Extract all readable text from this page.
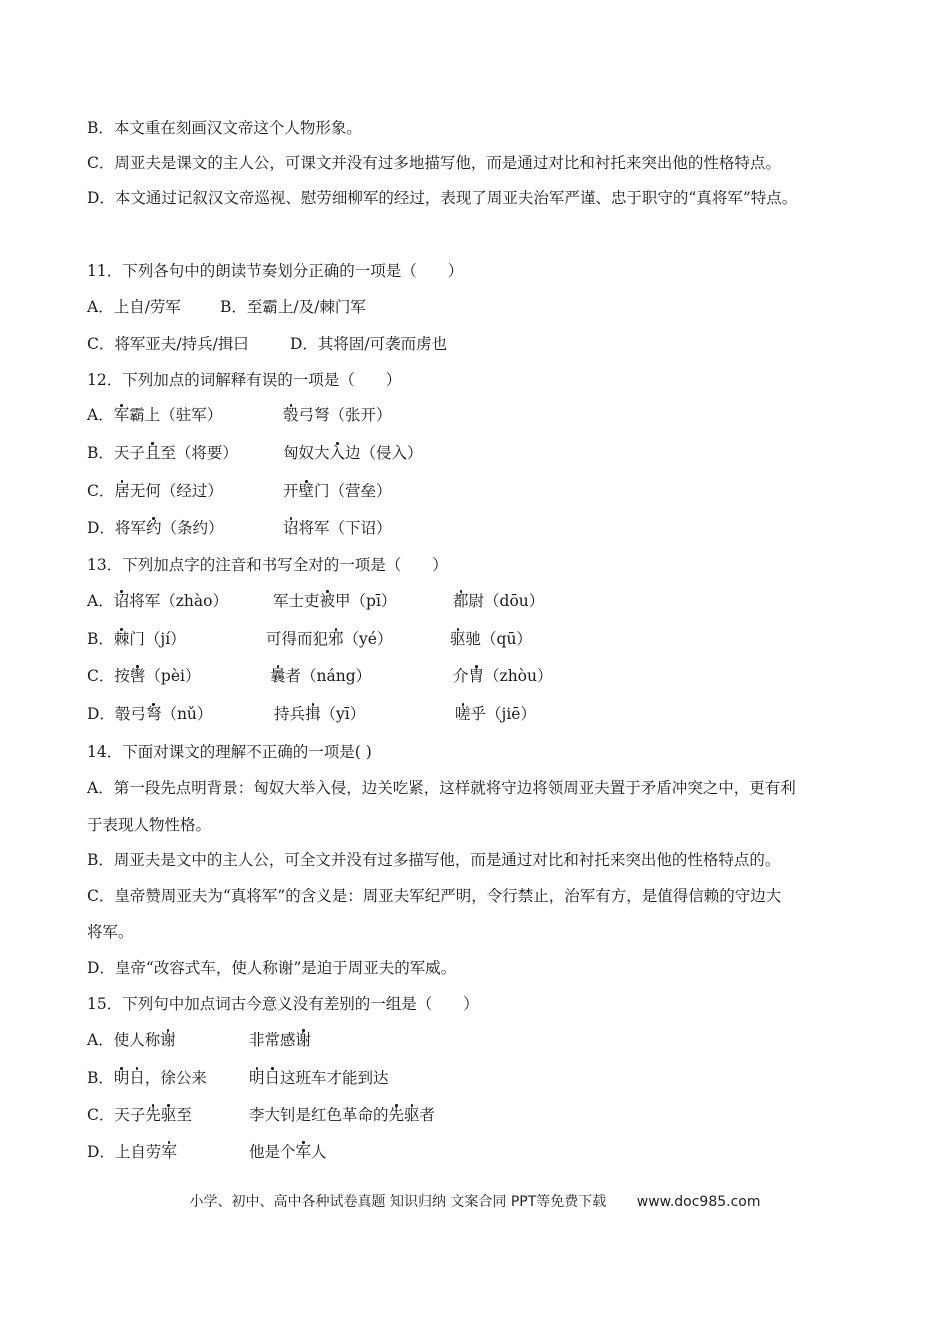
B．本文重在刻画汉文帝这个人物形象。
C．周亚夫是课文的主人公，可课文并没有过多地描写他，而是通过对比和衬托来突出他的性格特点。
D．本文通过记叙汉文帝巡视、慰劳细柳军的经过，表现了周亚夫治军严谨、忠于职守的“真将军”特点。
11．下列各句中的朗读节奏划分正确的一项是（　　）
A．上自/劳军	B．至霸上/及/棘门军
C．将军亚夫/持兵/揖曰	D．其将固/可袭而虏也
12．下列加点的词解释有误的一项是（　　）
A．军霸上（驻军）	彀弓弩（张开）
B．天子且至（将要）	匈奴大入边（侵入）
C．居无何（经过）	开壁门（营垒）
D．将军约（条约）	诏将军（下诏）
13．下列加点字的注音和书写全对的一项是（　　）
A．诏将军（zhào）	军士吏被甲（pī）	都尉（dōu）
B．棘门（jí）	可得而犯邪（yé）	驱驰（qū）
C．按辔（pèi）	曩者（náng）	介胄（zhòu）
D．彀弓弩（nǔ）	持兵揖（yī）	嗟乎（jiē）
14．下面对课文的理解不正确的一项是( )
A．第一段先点明背景：匈奴大举入侵，边关吃紧，这样就将守边将领周亚夫置于矛盾冲突之中，更有利
于表现人物性格。
B．周亚夫是文中的主人公，可全文并没有过多描写他，而是通过对比和衬托来突出他的性格特点的。
C．皇帝赞周亚夫为“真将军”的含义是：周亚夫军纪严明，令行禁止，治军有方，是值得信赖的守边大
将军。
D．皇帝“改容式车，使人称谢”是迫于周亚夫的军威。
15．下列句中加点词古今意义没有差别的一组是（　　）
A．使人称谢	非常感谢
B．明日，徐公来	明日这班车才能到达
C．天子先驱至	李大钊是红色革命的先驱者
D．上自劳军	他是个军人
小学、初中、高中各种试卷真题 知识归纳 文案合同 PPT等免费下载 www.doc985.com
